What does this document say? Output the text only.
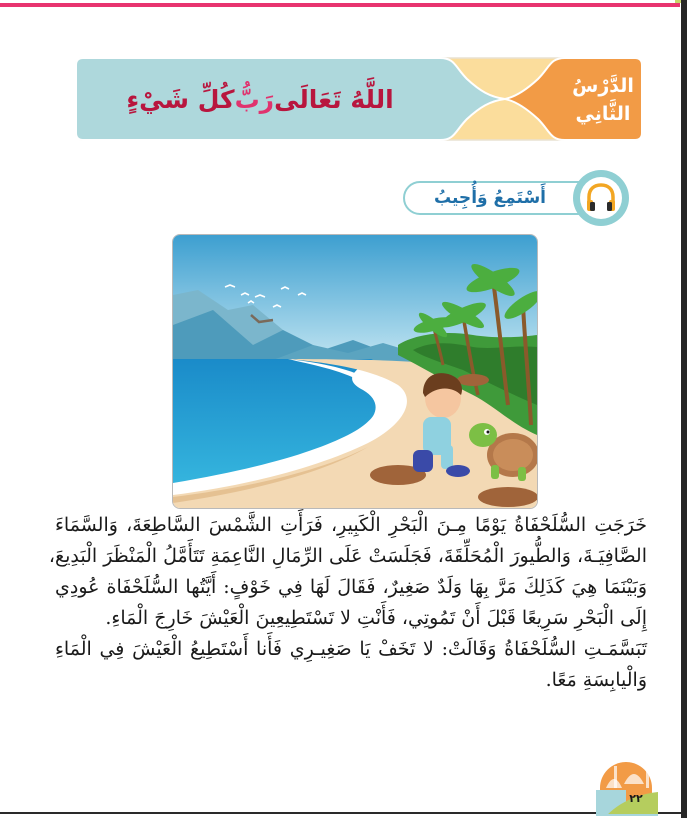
اللَّهُ تَعَالَى
رَبُّ
كُلِّ شَيْءٍ	الدَّرْسُ
الثَّانِي
أَسْتَمِعُ وَأُجِيبُ

خَرَجَتِ السُّلَحْفَاةُ يَوْمًا مِـنَ الْبَحْرِ الْكَبِيرِ، فَرَأَتِ الشَّمْسَ السَّاطِعَةَ، وَالسَّمَاءَ
الصَّافِيَـةَ، وَالطُّيورَ الْمُحَلِّقَةَ، فَجَلَسَتْ عَلَى الرِّمَالِ النَّاعِمَةِ تَتَأَمَّلُ الْمَنْظَرَ الْبَدِيعَ،
وَبَيْنَمَا هِيَ كَذَلِكَ مَرَّ بِهَا وَلَدٌ صَغِيرٌ، فَقَالَ لَهَا فِي خَوْفٍ: أَيَّتُها السُّلَحْفَاة عُودِي
إِلَى الْبَحْرِ سَرِيعًا قَبْلَ أَنْ تَمُوتِي، فَأَنْتِ لا تَسْتَطِيعِينَ الْعَيْشَ خَارِجَ الْمَاءِ.

تَبَسَّمَـتِ السُّلَحْفَاةُ وَقَالَتْ: لا تَخَفْ يَا صَغِيـرِي فَأَنا أَسْتَطِيعُ الْعَيْشَ فِي الْمَاءِ
وَالْيابِسَةِ مَعًا.

٢٢
